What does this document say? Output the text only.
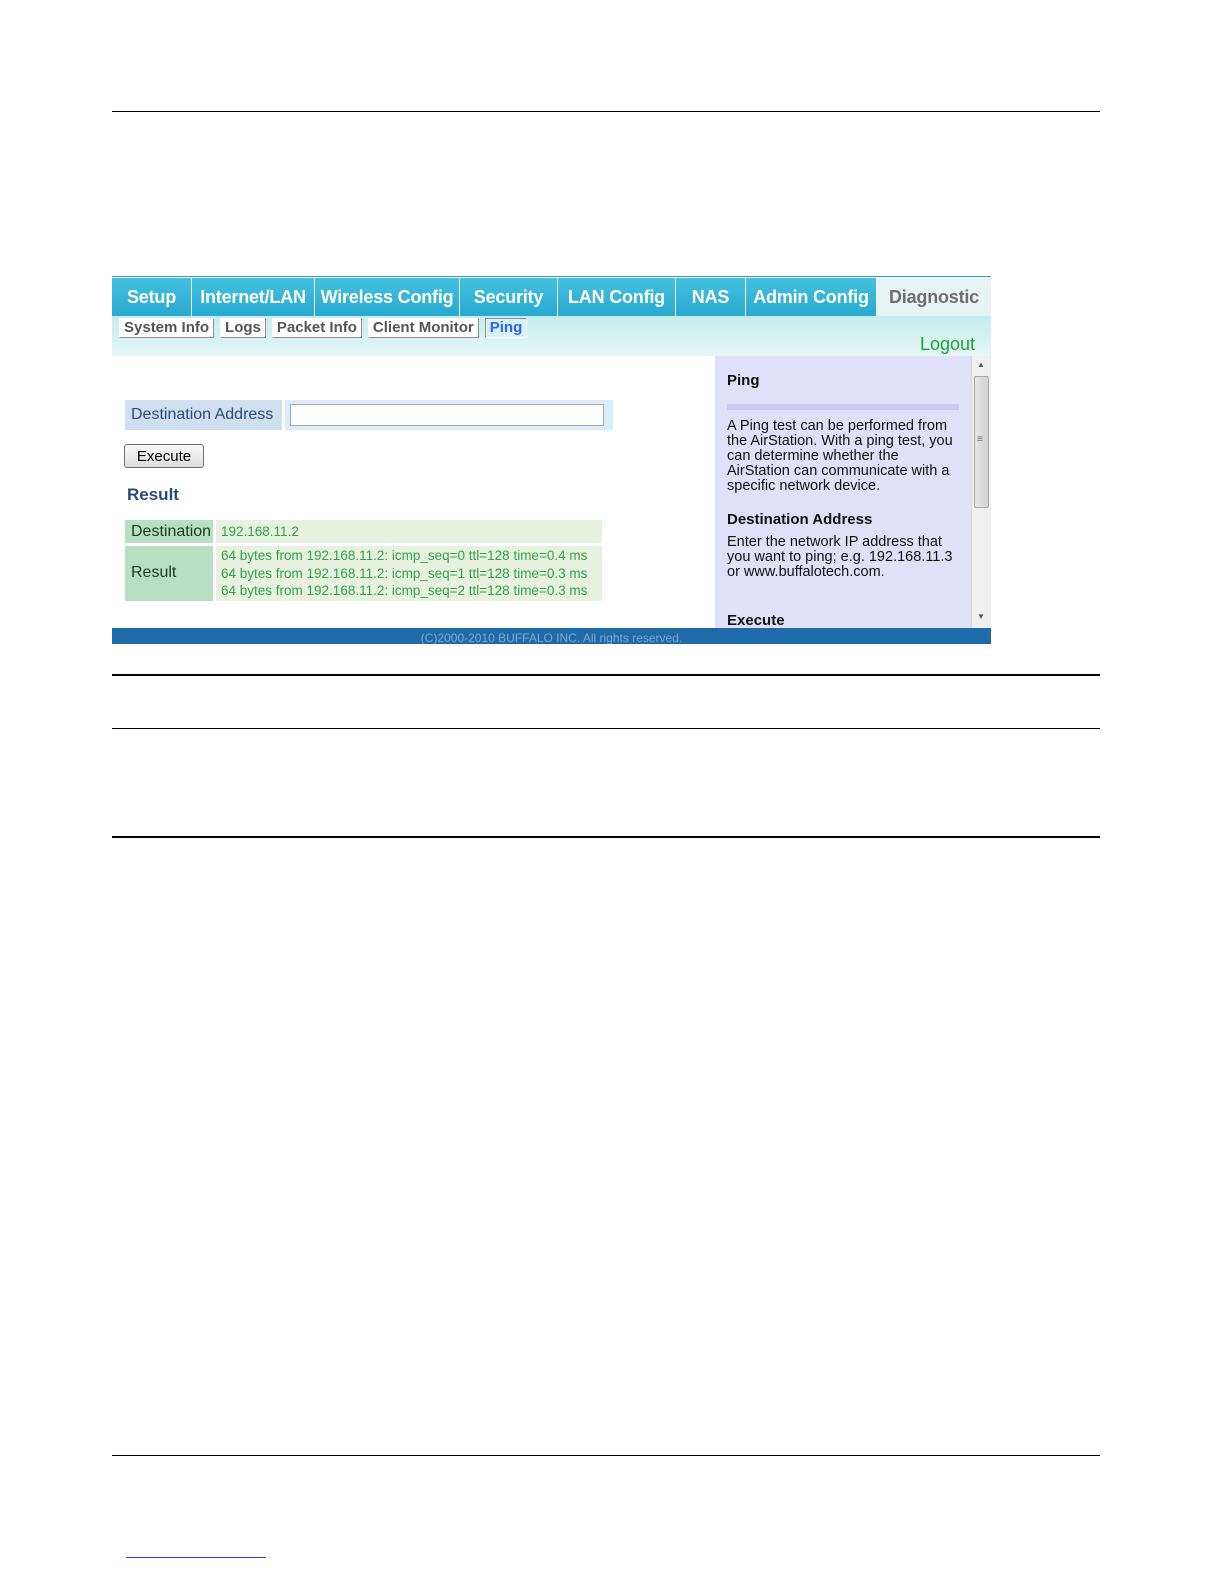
Setup	Internet/LAN Wireless Config	Security	LAN Config	NAS	Admin Config	Diagnostic
System Info	Logs	Packet Info	Client Monitor	Ping
Logout
Destination Address
Execute
Result
Destination	192.168.11.2
Result	64 bytes from 192.168.11.2: icmp_seq=0 ttl=128 time=0.4 ms
64 bytes from 192.168.11.2: icmp_seq=1 ttl=128 time=0.3 ms
64 bytes from 192.168.11.2: icmp_seq=2 ttl=128 time=0.3 ms
Ping

A Ping test can be performed from the AirStation. With a ping test, you can determine whether the AirStation can communicate with a specific network device.

Destination Address

Enter the network IP address that you want to ping; e.g. 192.168.11.3 or www.buffalotech.com.

Execute
▲
≡
▼
(C)2000-2010 BUFFALO INC. All rights reserved.
